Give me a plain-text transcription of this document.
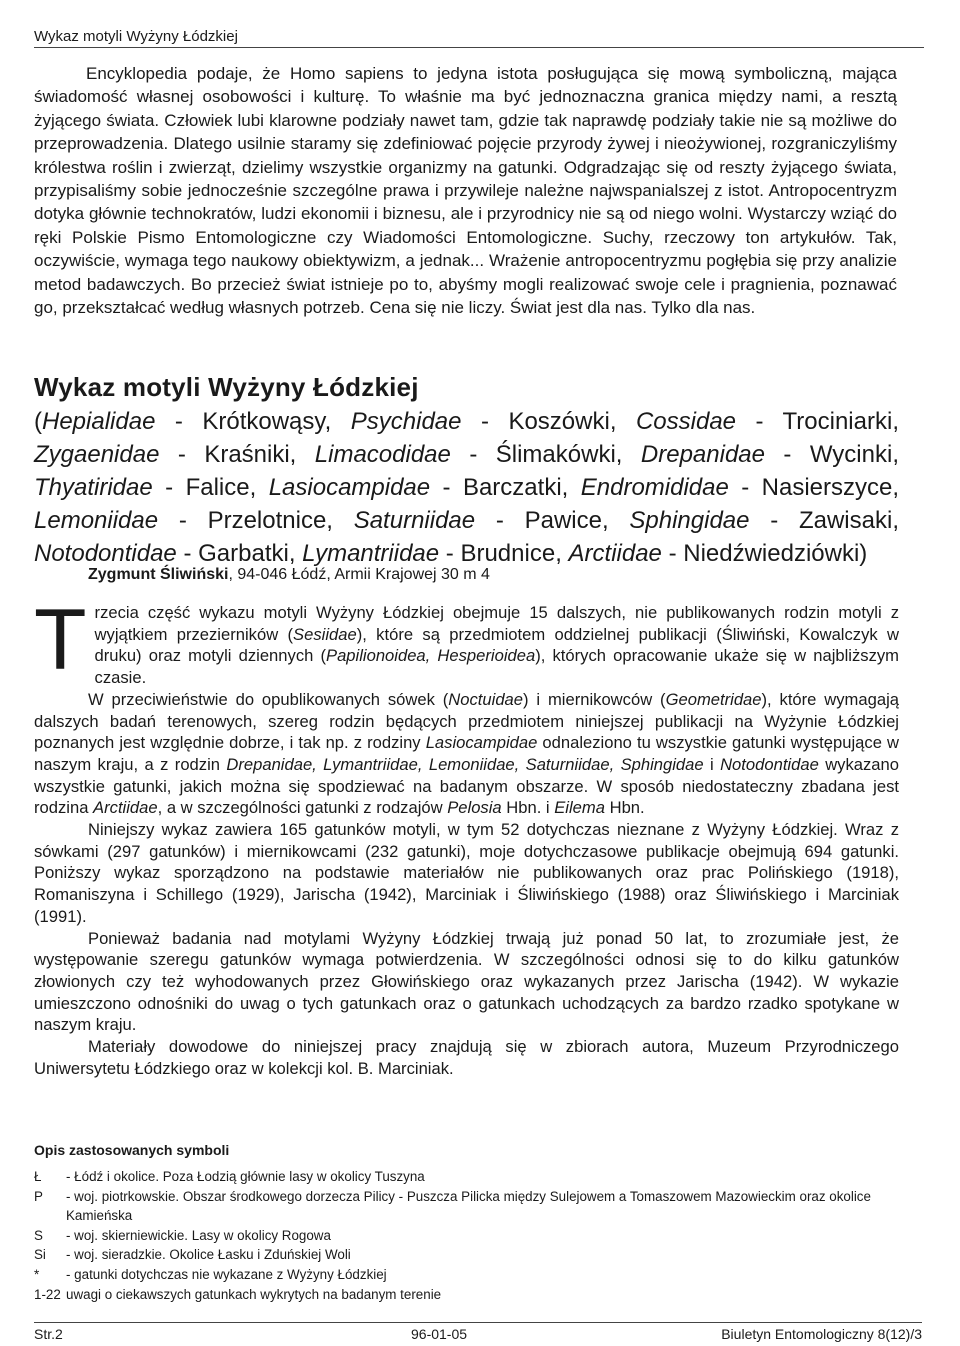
Wykaz motyli Wyżyny Łódzkiej

Encyklopedia podaje, że Homo sapiens to jedyna istota posługująca się mową symboliczną, mająca świadomość własnej osobowości i kulturę. To właśnie ma być jednoznaczna granica między nami, a resztą żyjącego świata. Człowiek lubi klarowne podziały nawet tam, gdzie tak naprawdę podziały takie nie są możliwe do przeprowadzenia. Dlatego usilnie staramy się zdefiniować pojęcie przyrody żywej i nieożywionej, rozgraniczyliśmy królestwa roślin i zwierząt, dzielimy wszystkie organizmy na gatunki. Odgradzając się od reszty żyjącego świata, przypisaliśmy sobie jednocześnie szczególne prawa i przywileje należne najwspanialszej z istot. Antropocentryzm dotyka głównie technokratów, ludzi ekonomii i biznesu, ale i przyrodnicy nie są od niego wolni. Wystarczy wziąć do ręki Polskie Pismo Entomologiczne czy Wiadomości Entomologiczne. Suchy, rzeczowy ton artykułów. Tak, oczywiście, wymaga tego naukowy obiektywizm, a jednak... Wrażenie antropocentryzmu pogłębia się przy analizie metod badawczych. Bo przecież świat istnieje po to, abyśmy mogli realizować swoje cele i pragnienia, poznawać go, przekształcać według własnych potrzeb. Cena się nie liczy. Świat jest dla nas. Tylko dla nas.

Wykaz motyli Wyżyny Łódzkiej

(Hepialidae - Krótkowąsy, Psychidae - Koszówki, Cossidae - Trociniarki, Zygaenidae - Kraśniki, Limacodidae - Ślimakówki, Drepanidae - Wycinki, Thyatiridae - Falice, Lasiocampidae - Barczatki, Endromididae - Nasierszyce, Lemoniidae - Przelotnice, Saturniidae - Pawice, Sphingidae - Zawisaki, Notodontidae - Garbatki, Lymantriidae - Brudnice, Arctiidae - Niedźwiedziówki)

Zygmunt Śliwiński, 94-046 Łódź, Armii Krajowej 30 m 4

Trzecia część wykazu motyli Wyżyny Łódzkiej obejmuje 15 dalszych, nie publikowanych rodzin motyli z wyjątkiem przezierników (Sesiidae), które są przedmiotem oddzielnej publikacji (Śliwiński, Kowalczyk w druku) oraz motyli dziennych (Papilionoidea, Hesperioidea), których opracowanie ukaże się w najbliższym czasie.

W przeciwieństwie do opublikowanych sówek (Noctuidae) i miernikowców (Geometridae), które wymagają dalszych badań terenowych, szereg rodzin będących przedmiotem niniejszej publikacji na Wyżynie Łódzkiej poznanych jest względnie dobrze, i tak np. z rodziny Lasiocampidae odnaleziono tu wszystkie gatunki występujące w naszym kraju, a z rodzin Drepanidae, Lymantriidae, Lemoniidae, Saturniidae, Sphingidae i Notodontidae wykazano wszystkie gatunki, jakich można się spodziewać na badanym obszarze. W sposób niedostateczny zbadana jest rodzina Arctiidae, a w szczególności gatunki z rodzajów Pelosia Hbn. i Eilema Hbn.

Niniejszy wykaz zawiera 165 gatunków motyli, w tym 52 dotychczas nieznane z Wyżyny Łódzkiej. Wraz z sówkami (297 gatunków) i miernikowcami (232 gatunki), moje dotychczasowe publikacje obejmują 694 gatunki. Poniższy wykaz sporządzono na podstawie materiałów nie publikowanych oraz prac Polińskiego (1918), Romaniszyna i Schillego (1929), Jarischa (1942), Marciniak i Śliwińskiego (1988) oraz Śliwińskiego i Marciniak (1991).

Ponieważ badania nad motylami Wyżyny Łódzkiej trwają już ponad 50 lat, to zrozumiałe jest, że występowanie szeregu gatunków wymaga potwierdzenia. W szczególności odnosi się to do kilku gatunków złowionych czy też wyhodowanych przez Głowińskiego oraz wykazanych przez Jarischa (1942). W wykazie umieszczono odnośniki do uwag o tych gatunkach oraz o gatunkach uchodzących za bardzo rzadko spotykane w naszym kraju.

Materiały dowodowe do niniejszej pracy znajdują się w zbiorach autora, Muzeum Przyrodniczego Uniwersytetu Łódzkiego oraz w kolekcji kol. B. Marciniak.

Opis zastosowanych symboli
Ł	- Łódź i okolice. Poza Łodzią głównie lasy w okolicy Tuszyna
P	- woj. piotrkowskie. Obszar środkowego dorzecza Pilicy - Puszcza Pilicka między Sulejowem a Tomaszowem Mazowieckim oraz okolice Kamieńska
S	- woj. skierniewickie. Lasy w okolicy Rogowa
Si	- woj. sieradzkie. Okolice Łasku i Zduńskiej Woli
*	- gatunki dotychczas nie wykazane z Wyżyny Łódzkiej
1-22 uwagi o ciekawszych gatunkach wykrytych na badanym terenie
Str.2	96-01-05	Biuletyn Entomologiczny 8(12)/3
